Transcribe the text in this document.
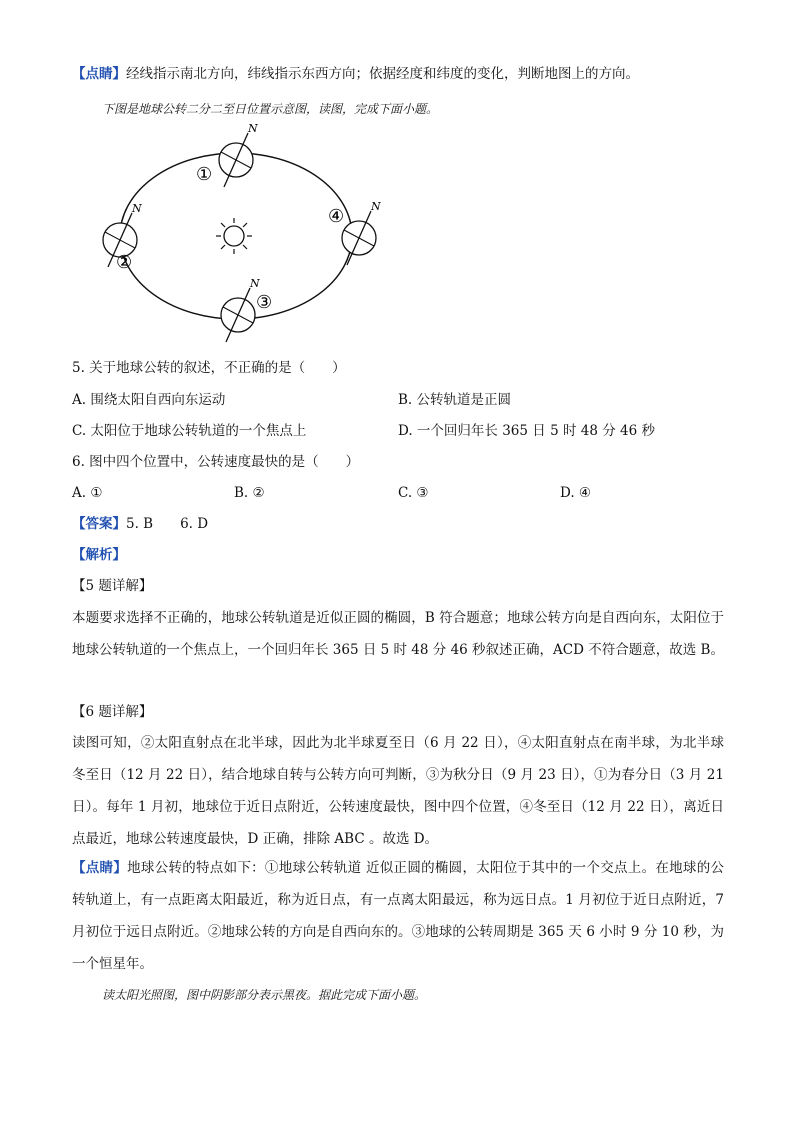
【点睛】经线指示南北方向，纬线指示东西方向；依据经度和纬度的变化，判断地图上的方向。
下图是地球公转二分二至日位置示意图，读图，完成下面小题。
N
①
N
②
N
③
N
④
5. 关于地球公转的叙述，不正确的是（　　）
A. 围绕太阳自西向东运动	B. 公转轨道是正圆
C. 太阳位于地球公转轨道的一个焦点上	D. 一个回归年长 365 日 5 时 48 分 46 秒
6. 图中四个位置中，公转速度最快的是（　　）
A. ①	B. ②	C. ③	D. ④
【答案】5. B　　6. D
【解析】
【5 题详解】
本题要求选择不正确的，地球公转轨道是近似正圆的椭圆，B 符合题意；地球公转方向是自西向东，太阳位于地球公转轨道的一个焦点上，一个回归年长 365 日 5 时 48 分 46 秒叙述正确，ACD 不符合题意，故选 B。
【6 题详解】
读图可知，②太阳直射点在北半球，因此为北半球夏至日（6 月 22 日），④太阳直射点在南半球，为北半球冬至日（12 月 22 日），结合地球自转与公转方向可判断，③为秋分日（9 月 23 日），①为春分日（3 月 21 日）。每年 1 月初，地球位于近日点附近，公转速度最快，图中四个位置，④冬至日（12 月 22 日），离近日点最近，地球公转速度最快，D 正确，排除 ABC 。故选 D。
【点睛】地球公转的特点如下：①地球公转轨道 近似正圆的椭圆，太阳位于其中的一个交点上。在地球的公转轨道上，有一点距离太阳最近，称为近日点，有一点离太阳最远，称为远日点。1 月初位于近日点附近，7 月初位于远日点附近。②地球公转的方向是自西向东的。③地球的公转周期是 365 天 6 小时 9 分 10 秒，为一个恒星年。
读太阳光照图，图中阴影部分表示黑夜。据此完成下面小题。
